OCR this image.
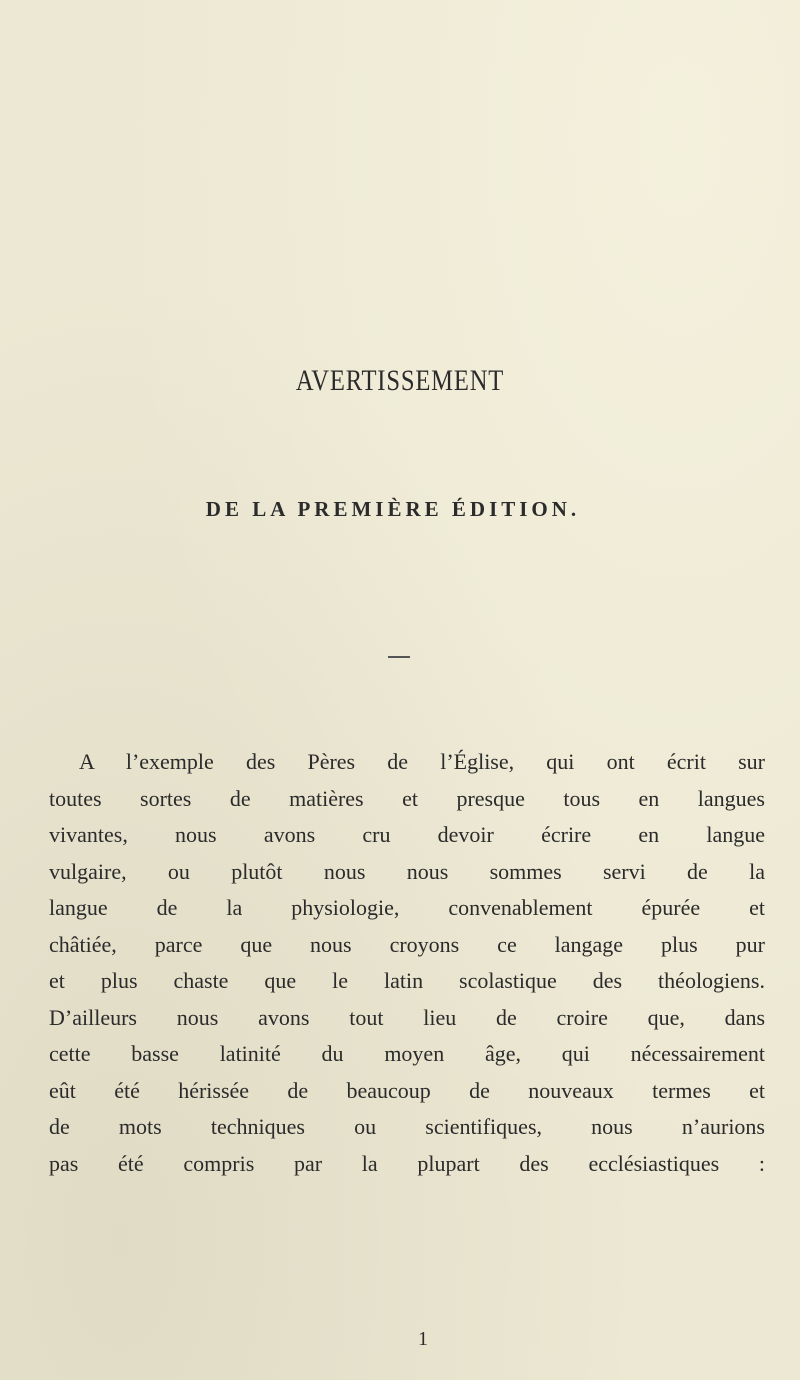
AVERTISSEMENT
DE LA PREMIÈRE ÉDITION.
A l’exemple des Pères de l’Église, qui ont écrit sur
toutes sortes de matières et presque tous en langues
vivantes, nous avons cru devoir écrire en langue
vulgaire, ou plutôt nous nous sommes servi de la
langue de la physiologie, convenablement épurée et
châtiée, parce que nous croyons ce langage plus pur
et plus chaste que le latin scolastique des théologiens.
D’ailleurs nous avons tout lieu de croire que, dans
cette basse latinité du moyen âge, qui nécessairement
eût été hérissée de beaucoup de nouveaux termes et
de mots techniques ou scientifiques, nous n’aurions
pas été compris par la plupart des ecclésiastiques :
1
